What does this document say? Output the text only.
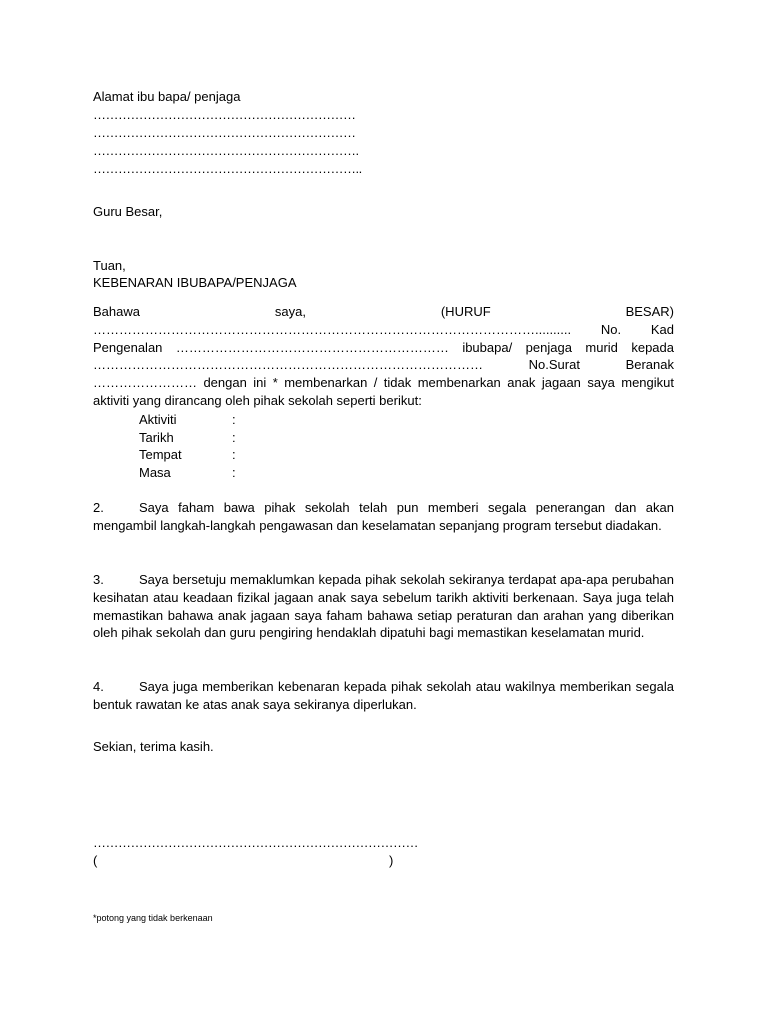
Alamat ibu bapa/ penjaga
………………………………………………………
………………………………………………………
……………………………………………………….
………………………………………………………..
Guru Besar,
Tuan,
KEBENARAN IBUBAPA/PENJAGA
Bahawa saya, (HURUF BESAR) ………………………………………………………………………………………….......... No. Kad Pengenalan ……………………………………………………… ibubapa/ penjaga murid kepada ……………………………………………………………………………… No.Surat Beranak …………………… dengan ini * membenarkan / tidak membenarkan anak jagaan saya mengikut aktiviti yang dirancang oleh pihak sekolah seperti berikut:
Aktiviti	:
Tarikh	:
Tempat	:
Masa	:
2.	Saya faham bawa pihak sekolah telah pun memberi segala penerangan dan akan mengambil langkah-langkah pengawasan dan keselamatan sepanjang program tersebut diadakan.
3.	Saya bersetuju memaklumkan kepada pihak sekolah sekiranya terdapat apa-apa perubahan kesihatan atau keadaan fizikal jagaan anak saya sebelum tarikh aktiviti berkenaan. Saya juga telah memastikan bahawa anak jagaan saya faham bahawa setiap peraturan dan arahan yang diberikan oleh pihak sekolah dan guru pengiring hendaklah dipatuhi bagi memastikan keselamatan murid.
4.	Saya juga memberikan kebenaran kepada pihak sekolah atau wakilnya memberikan segala bentuk rawatan ke atas anak saya sekiranya diperlukan.
Sekian, terima kasih.
……………………………………………………………………
(	)
*potong yang tidak berkenaan
